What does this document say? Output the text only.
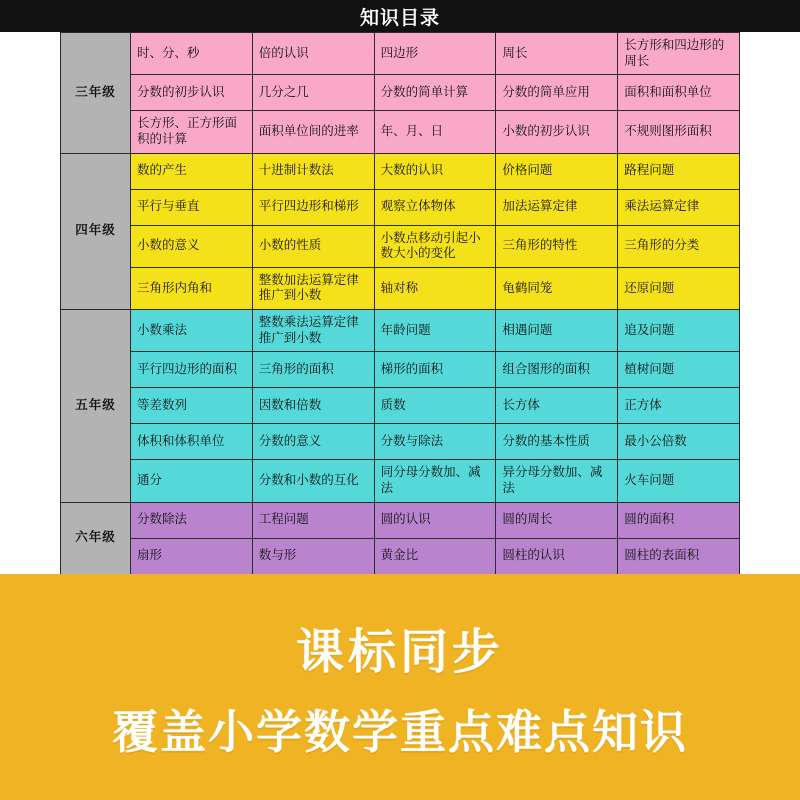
知识目录
三年级	时、分、秒	倍的认识	四边形	周长	长方形和四边形的周长
	分数的初步认识	几分之几	分数的简单计算	分数的简单应用	面积和面积单位
	长方形、正方形面积的计算	面积单位间的进率	年、月、日	小数的初步认识	不规则图形面积
四年级	数的产生	十进制计数法	大数的认识	价格问题	路程问题
	平行与垂直	平行四边形和梯形	观察立体物体	加法运算定律	乘法运算定律
	小数的意义	小数的性质	小数点移动引起小数大小的变化	三角形的特性	三角形的分类
	三角形内角和	整数加法运算定律推广到小数	轴对称	龟鹤同笼	还原问题
五年级	小数乘法	整数乘法运算定律推广到小数	年龄问题	相遇问题	追及问题
	平行四边形的面积	三角形的面积	梯形的面积	组合图形的面积	植树问题
	等差数列	因数和倍数	质数	长方体	正方体
	体积和体积单位	分数的意义	分数与除法	分数的基本性质	最小公倍数
	通分	分数和小数的互化	同分母分数加、减法	异分母分数加、减法	火车问题
六年级	分数除法	工程问题	圆的认识	圆的周长	圆的面积
	扇形	数与形	黄金比	圆柱的认识	圆柱的表面积
课标同步
覆盖小学数学重点难点知识
